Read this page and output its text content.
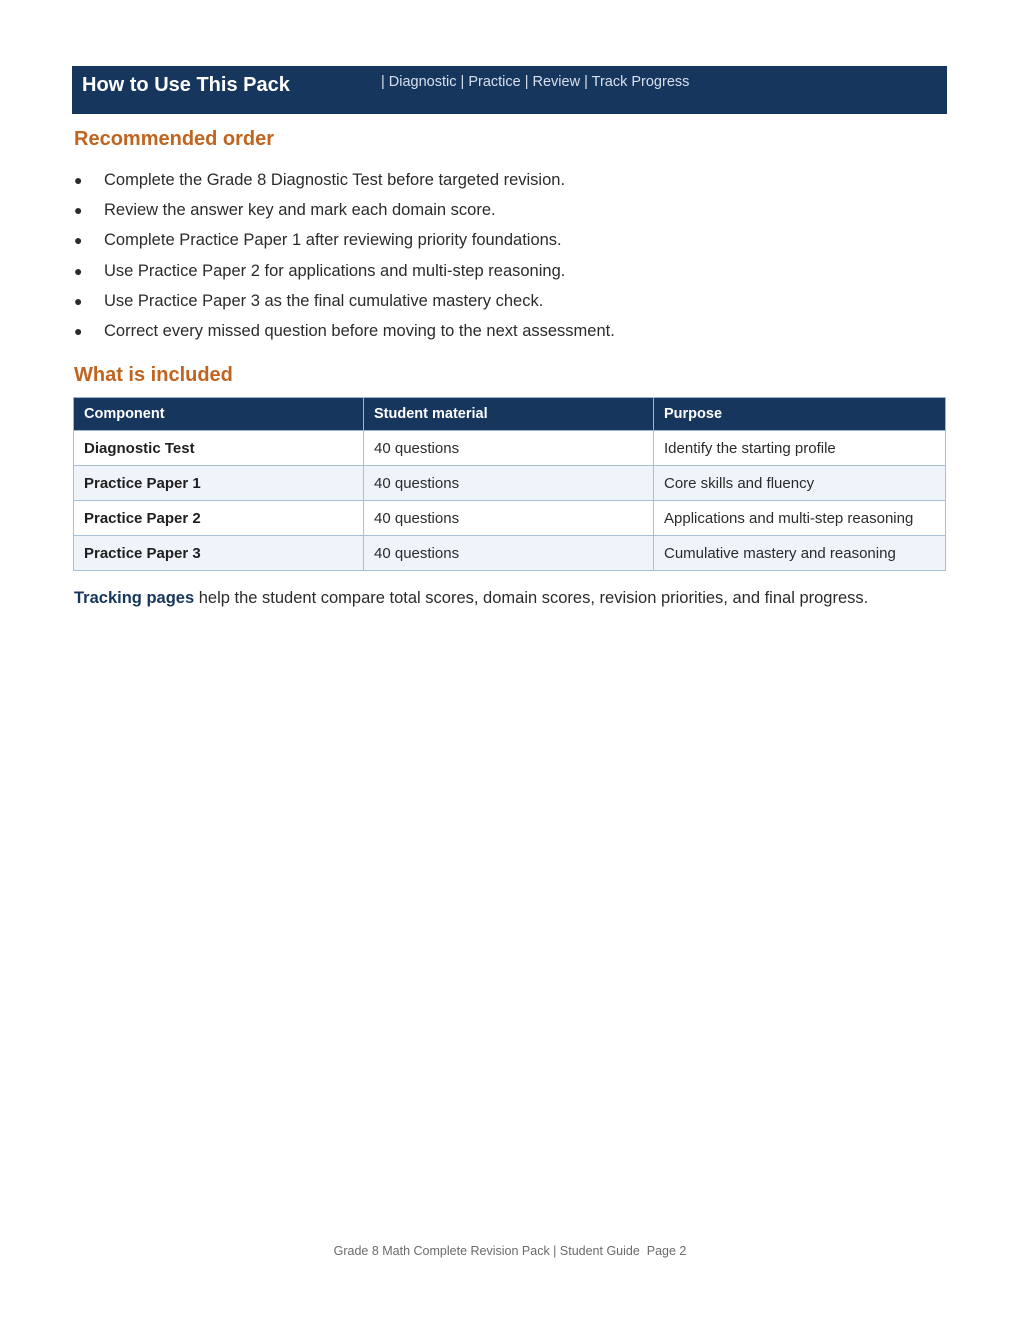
How to Use This Pack	| Diagnostic | Practice | Review | Track Progress
Recommended order
● Complete the Grade 8 Diagnostic Test before targeted revision.
● Review the answer key and mark each domain score.
● Complete Practice Paper 1 after reviewing priority foundations.
● Use Practice Paper 2 for applications and multi-step reasoning.
● Use Practice Paper 3 as the final cumulative mastery check.
● Correct every missed question before moving to the next assessment.
What is included
Component	Student material	Purpose
Diagnostic Test	40 questions	Identify the starting profile
Practice Paper 1	40 questions	Core skills and fluency
Practice Paper 2	40 questions	Applications and multi-step reasoning
Practice Paper 3	40 questions	Cumulative mastery and reasoning
Tracking pages help the student compare total scores, domain scores, revision priorities, and final progress.
Grade 8 Math Complete Revision Pack | Student Guide  Page 2
